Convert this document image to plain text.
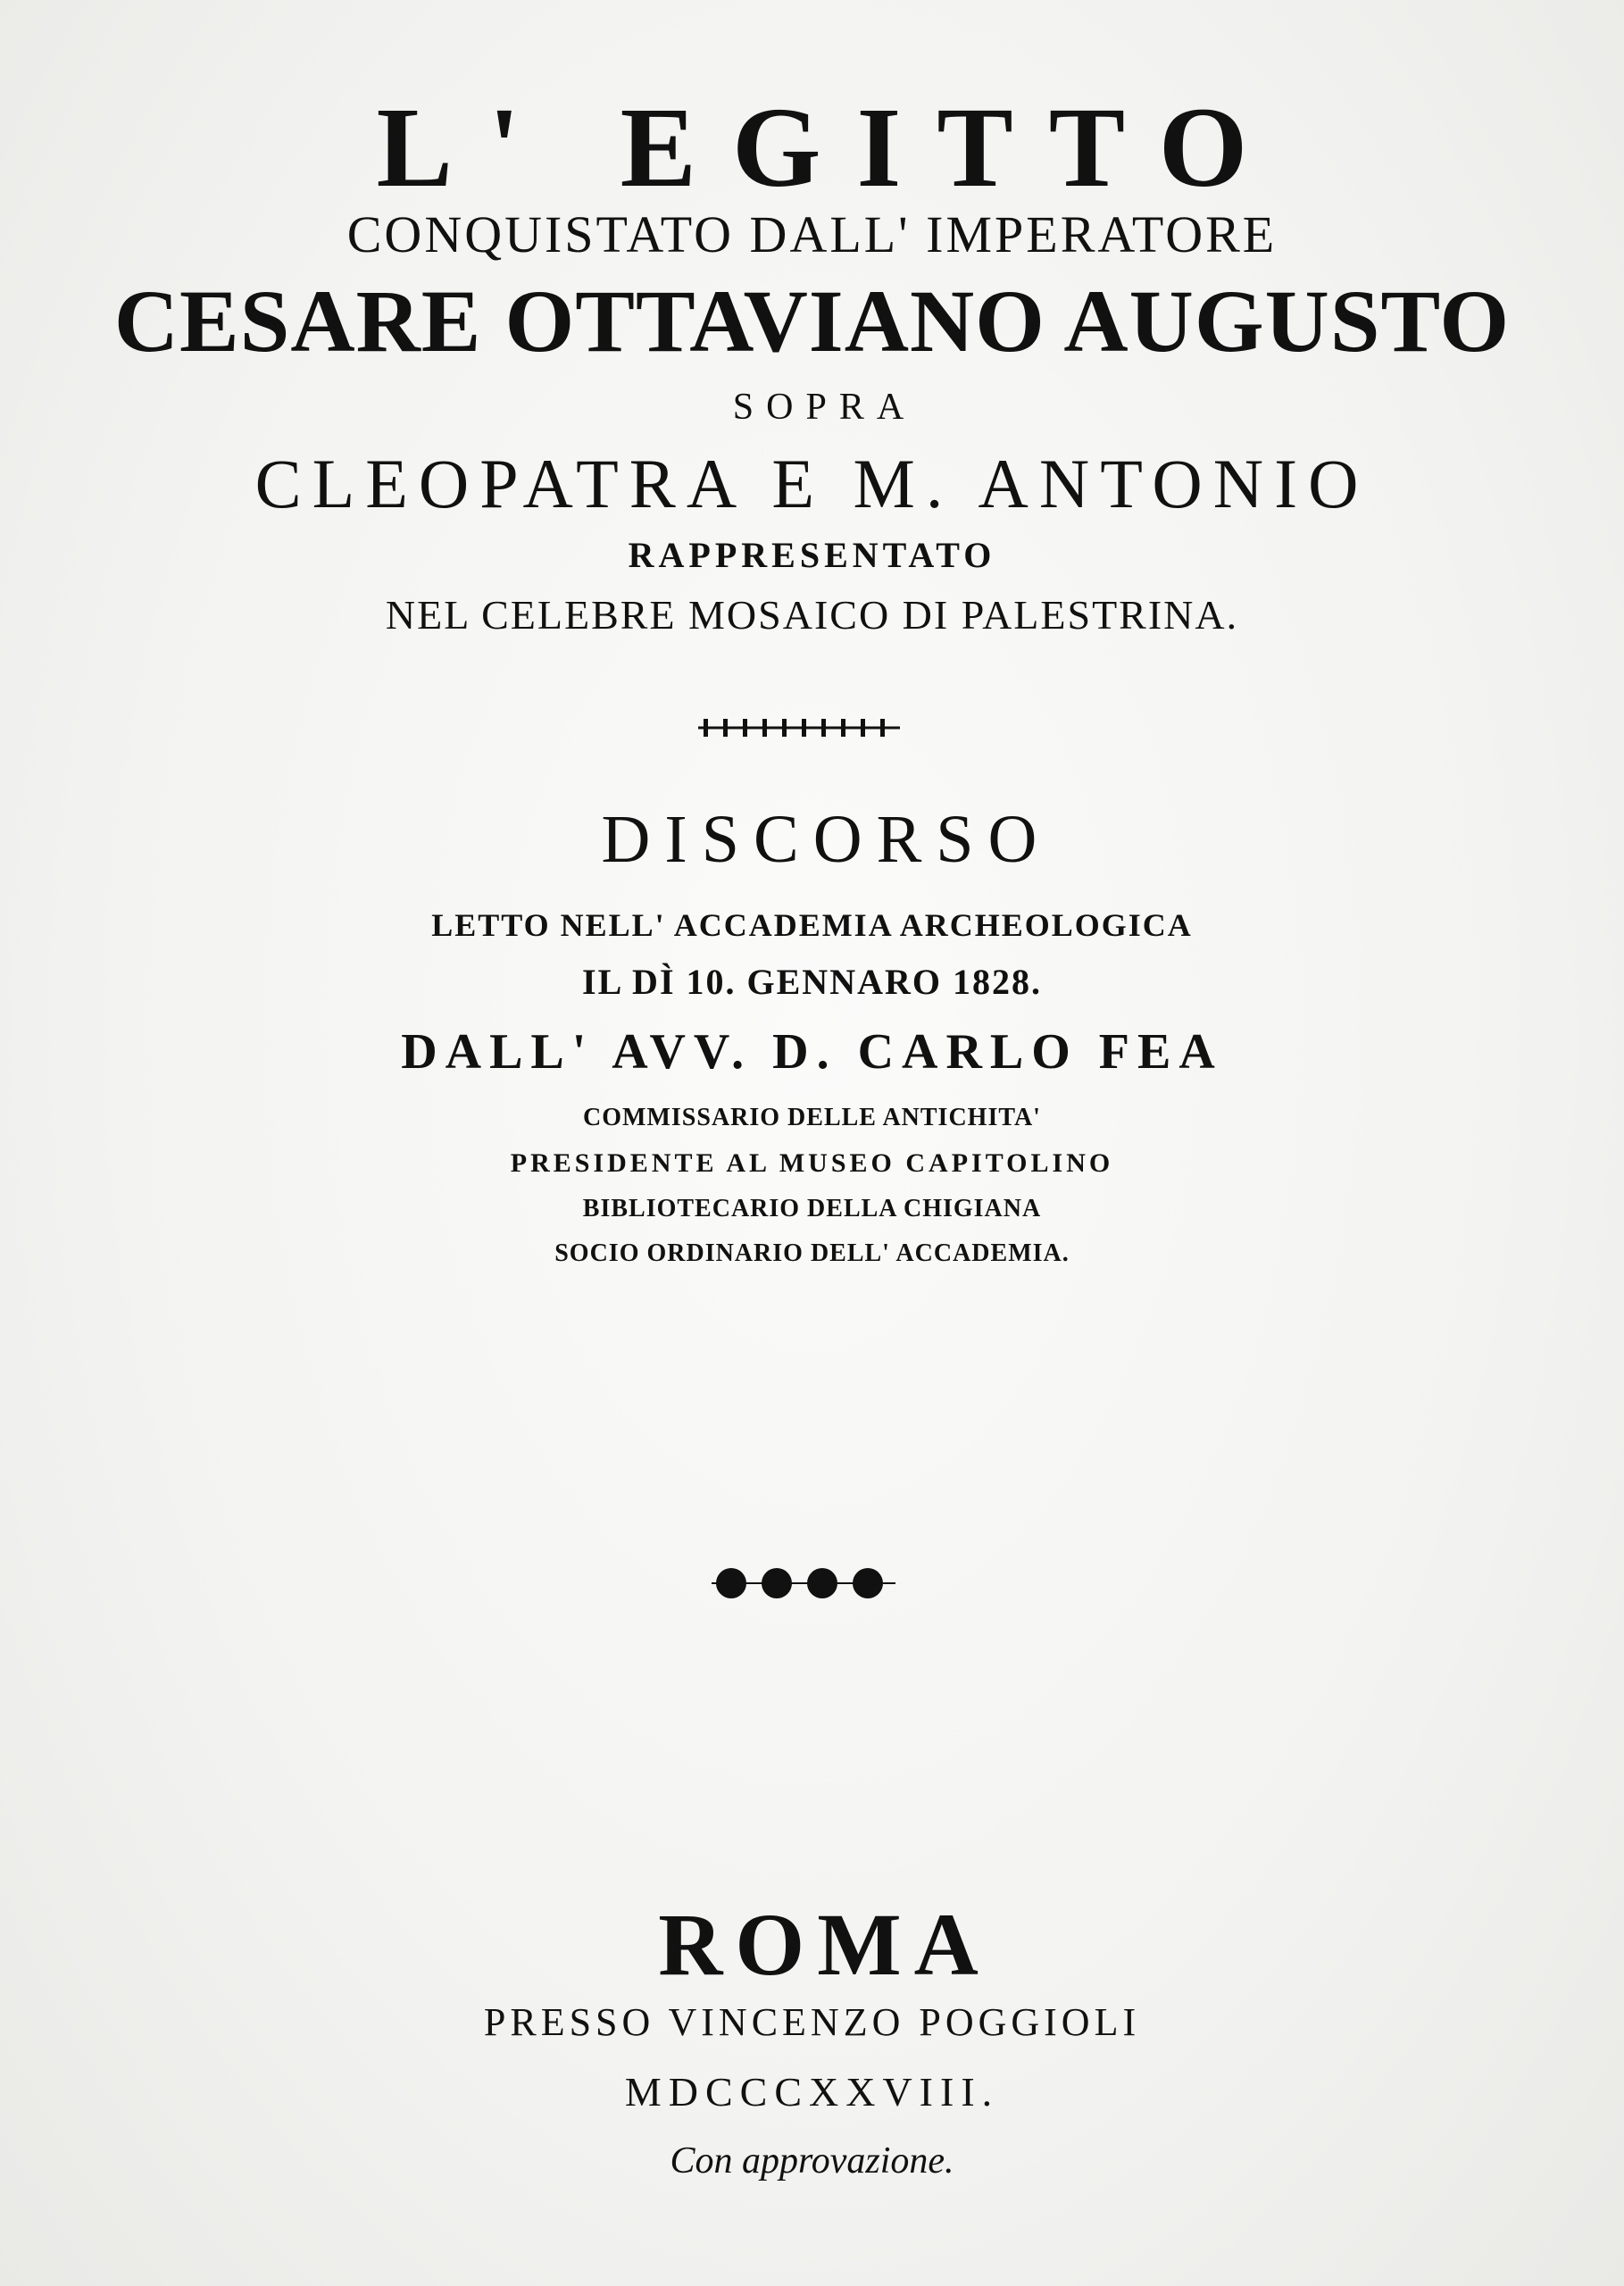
L' EGITTO
CONQUISTATO DALL' IMPERATORE
CESARE OTTAVIANO AUGUSTO
SOPRA
CLEOPATRA E M. ANTONIO
RAPPRESENTATO
NEL CELEBRE MOSAICO DI PALESTRINA.
DISCORSO
LETTO NELL' ACCADEMIA ARCHEOLOGICA
IL DÌ 10. GENNARO 1828.
DALL' AVV. D. CARLO FEA
COMMISSARIO DELLE ANTICHITA'
PRESIDENTE AL MUSEO CAPITOLINO
BIBLIOTECARIO DELLA CHIGIANA
SOCIO ORDINARIO DELL' ACCADEMIA.
ROMA
PRESSO VINCENZO POGGIOLI
MDCCCXXVIII.
Con approvazione.
